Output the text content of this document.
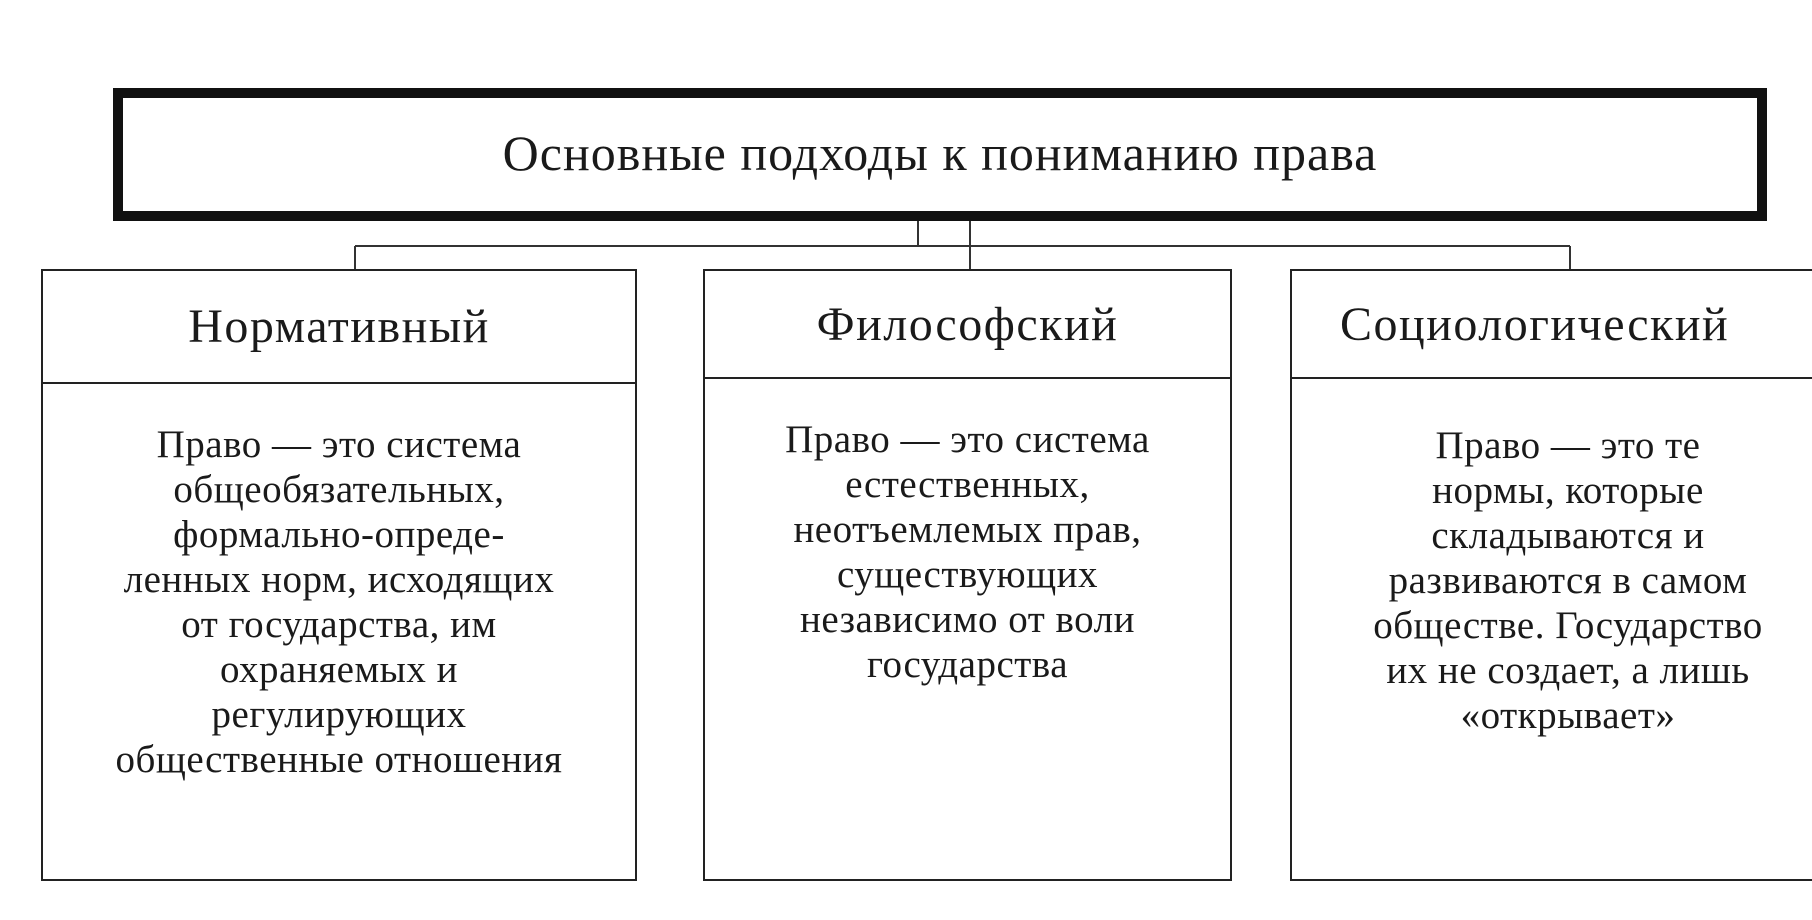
Основные подходы к пониманию права
Нормативный
Право — это система
общеобязательных,
формально-опреде-
ленных норм, исходящих
от государства, им
охраняемых и
регулирующих
общественные отношения
Философский
Право — это система
естественных,
неотъемлемых прав,
существующих
независимо от воли
государства
Социологический
Право — это те
нормы, которые
складываются и
развиваются в самом
обществе. Государство
их не создает, а лишь
«открывает»
